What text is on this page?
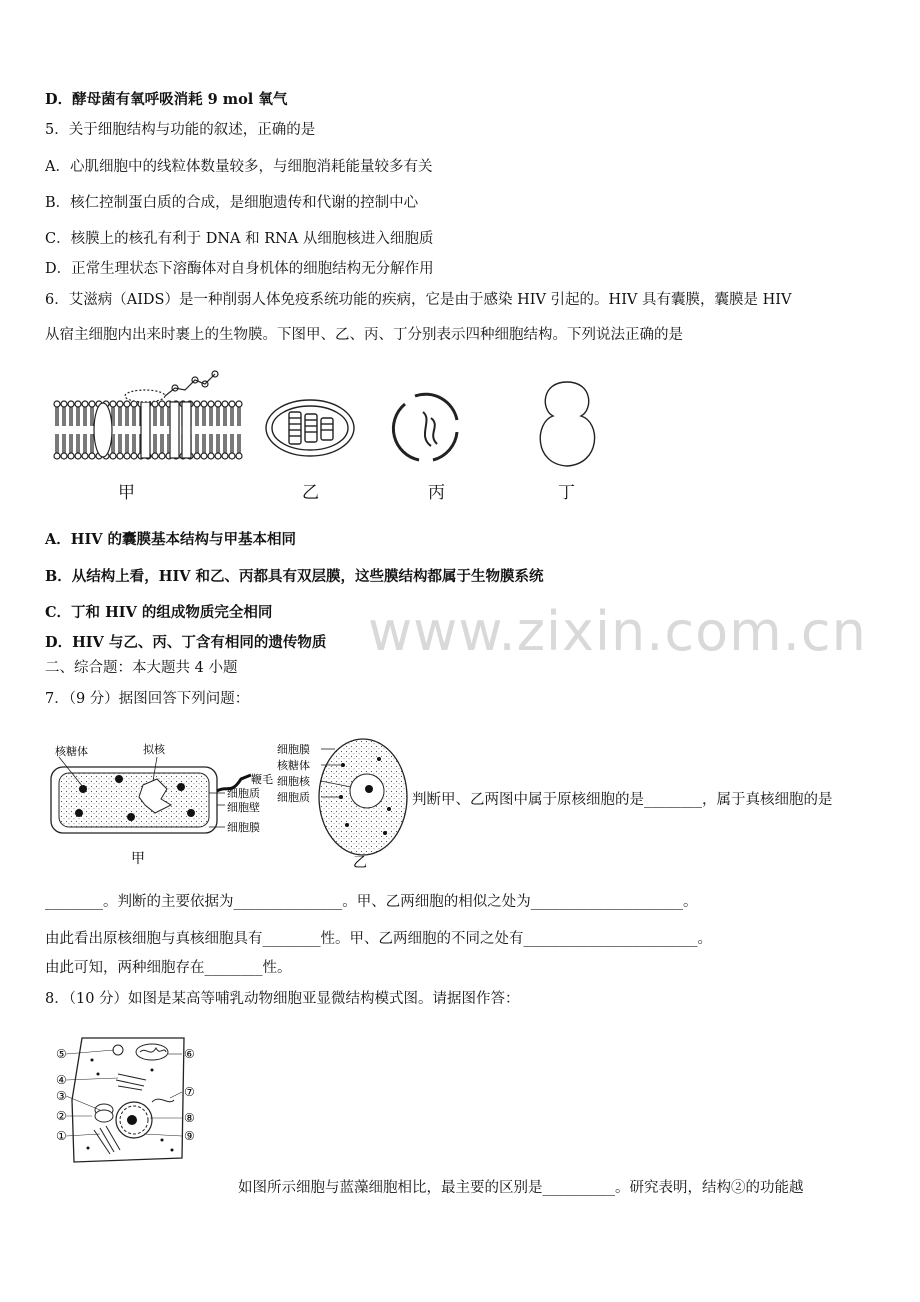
D．酵母菌有氧呼吸消耗 9 mol 氧气
5．关于细胞结构与功能的叙述，正确的是
A．心肌细胞中的线粒体数量较多，与细胞消耗能量较多有关
B．核仁控制蛋白质的合成，是细胞遗传和代谢的控制中心
C．核膜上的核孔有利于 DNA 和 RNA 从细胞核进入细胞质
D．正常生理状态下溶酶体对自身机体的细胞结构无分解作用
6．艾滋病（AIDS）是一种削弱人体免疫系统功能的疾病，它是由于感染 HIV 引起的。HIV 具有囊膜，囊膜是 HIV
从宿主细胞内出来时裹上的生物膜。下图甲、乙、丙、丁分别表示四种细胞结构。下列说法正确的是
甲	乙	丙	丁
A．HIV 的囊膜基本结构与甲基本相同
B．从结构上看，HIV 和乙、丙都具有双层膜，这些膜结构都属于生物膜系统
C．丁和 HIV 的组成物质完全相同
D．HIV 与乙、丙、丁含有相同的遗传物质 www.zixin.com.cn
二、综合题：本大题共 4 小题
7．（9 分）据图回答下列问题：
核糖体	拟核
鞭毛
细胞质
细胞壁
细胞膜
甲
细胞膜
核糖体
细胞核
细胞质
乙
判断甲、乙两图中属于原核细胞的是________，属于真核细胞的是
________。判断的主要依据为_______________。甲、乙两细胞的相似之处为_____________________。
由此看出原核细胞与真核细胞具有________性。甲、乙两细胞的不同之处有________________________。
由此可知，两种细胞存在________性。
8．（10 分）如图是某高等哺乳动物细胞亚显微结构模式图。请据图作答：
⑤
④
③
②
①
⑥
⑦
⑧
⑨
如图所示细胞与蓝藻细胞相比，最主要的区别是__________。研究表明，结构②的功能越
